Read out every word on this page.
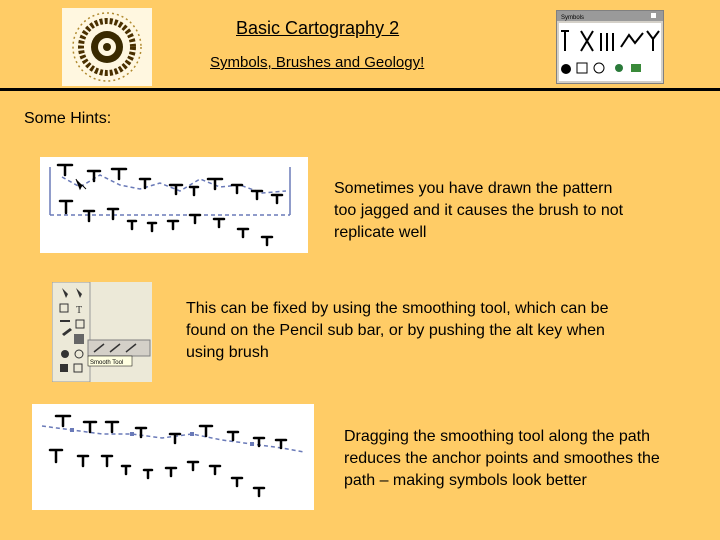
Basic Cartography 2
Symbols, Brushes and Geology!
Symbols
Some Hints:
Sometimes you have drawn the pattern too jagged and it causes the brush to not replicate well
T
Smooth Tool
This can be fixed by using the smoothing tool, which can be found on the Pencil sub bar, or by pushing the alt key when using brush
Dragging the smoothing tool along the path reduces the anchor points and smoothes the path – making symbols look better
